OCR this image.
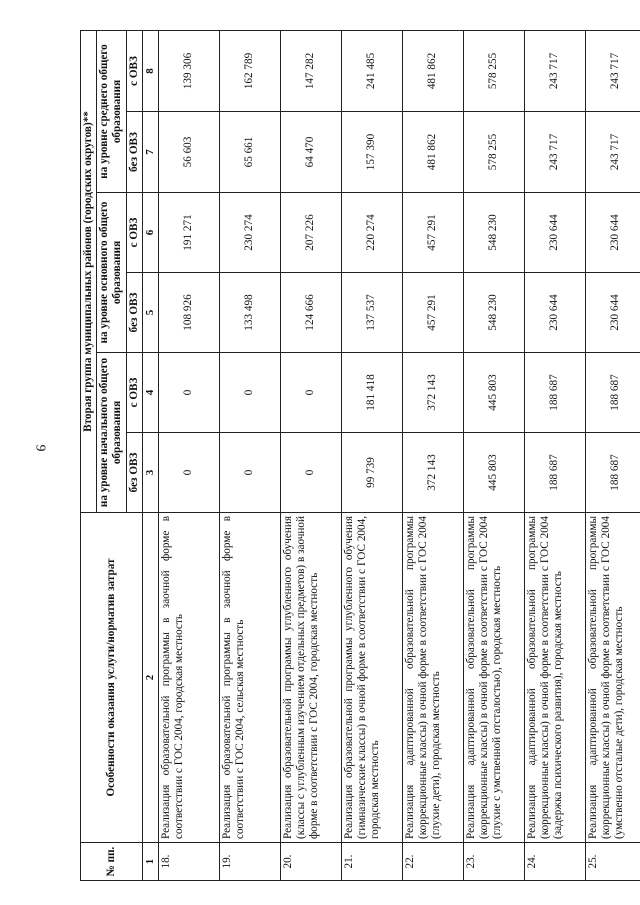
9
№ пп.	Особенности оказания услуги/норматив затрат	Вторая группа муниципальных районов (городских округов)**					
		на уровне начального общего образования		на уровне основного общего образования		на уровне среднего общего образования	
		без ОВЗ	с ОВЗ	без ОВЗ	с ОВЗ	без ОВЗ	с ОВЗ
1	2	3	4	5	6	7	8
18.	Реализация образовательной программы в заочной форме в соответствии с ГОС 2004, городская местность	0	0	108 926	191 271	56 603	139 306
19.	Реализация образовательной программы в заочной форме в соответствии с ГОС 2004, сельская местность	0	0	133 498	230 274	65 661	162 789
20.	Реализация образовательной программы углубленного обучения (классы с углубленным изучением отдельных предметов) в заочной форме в соответствии с ГОС 2004, городская местность	0	0	124 666	207 226	64 470	147 282
21.	Реализация образовательной программы углубленного обучения (гимназические классы) в очной форме в соответствии с ГОС 2004, городская местность	99 739	181 418	137 537	220 274	157 390	241 485
22.	Реализация адаптированной образовательной программы (коррекционные классы) в очной форме в соответствии с ГОС 2004 (глухие дети), городская местность	372 143	372 143	457 291	457 291	481 862	481 862
23.	Реализация адаптированной образовательной программы (коррекционные классы) в очной форме в соответствии с ГОС 2004 (глухие с умственной отсталостью), городская местность	445 803	445 803	548 230	548 230	578 255	578 255
24.	Реализация адаптированной образовательной программы (коррекционные классы) в очной форме в соответствии с ГОС 2004 (задержка психического развития), городская местность	188 687	188 687	230 644	230 644	243 717	243 717
25.	Реализация адаптированной образовательной программы (коррекционные классы) в очной форме в соответствии с ГОС 2004 (умственно отсталые дети), городская местность	188 687	188 687	230 644	230 644	243 717	243 717
